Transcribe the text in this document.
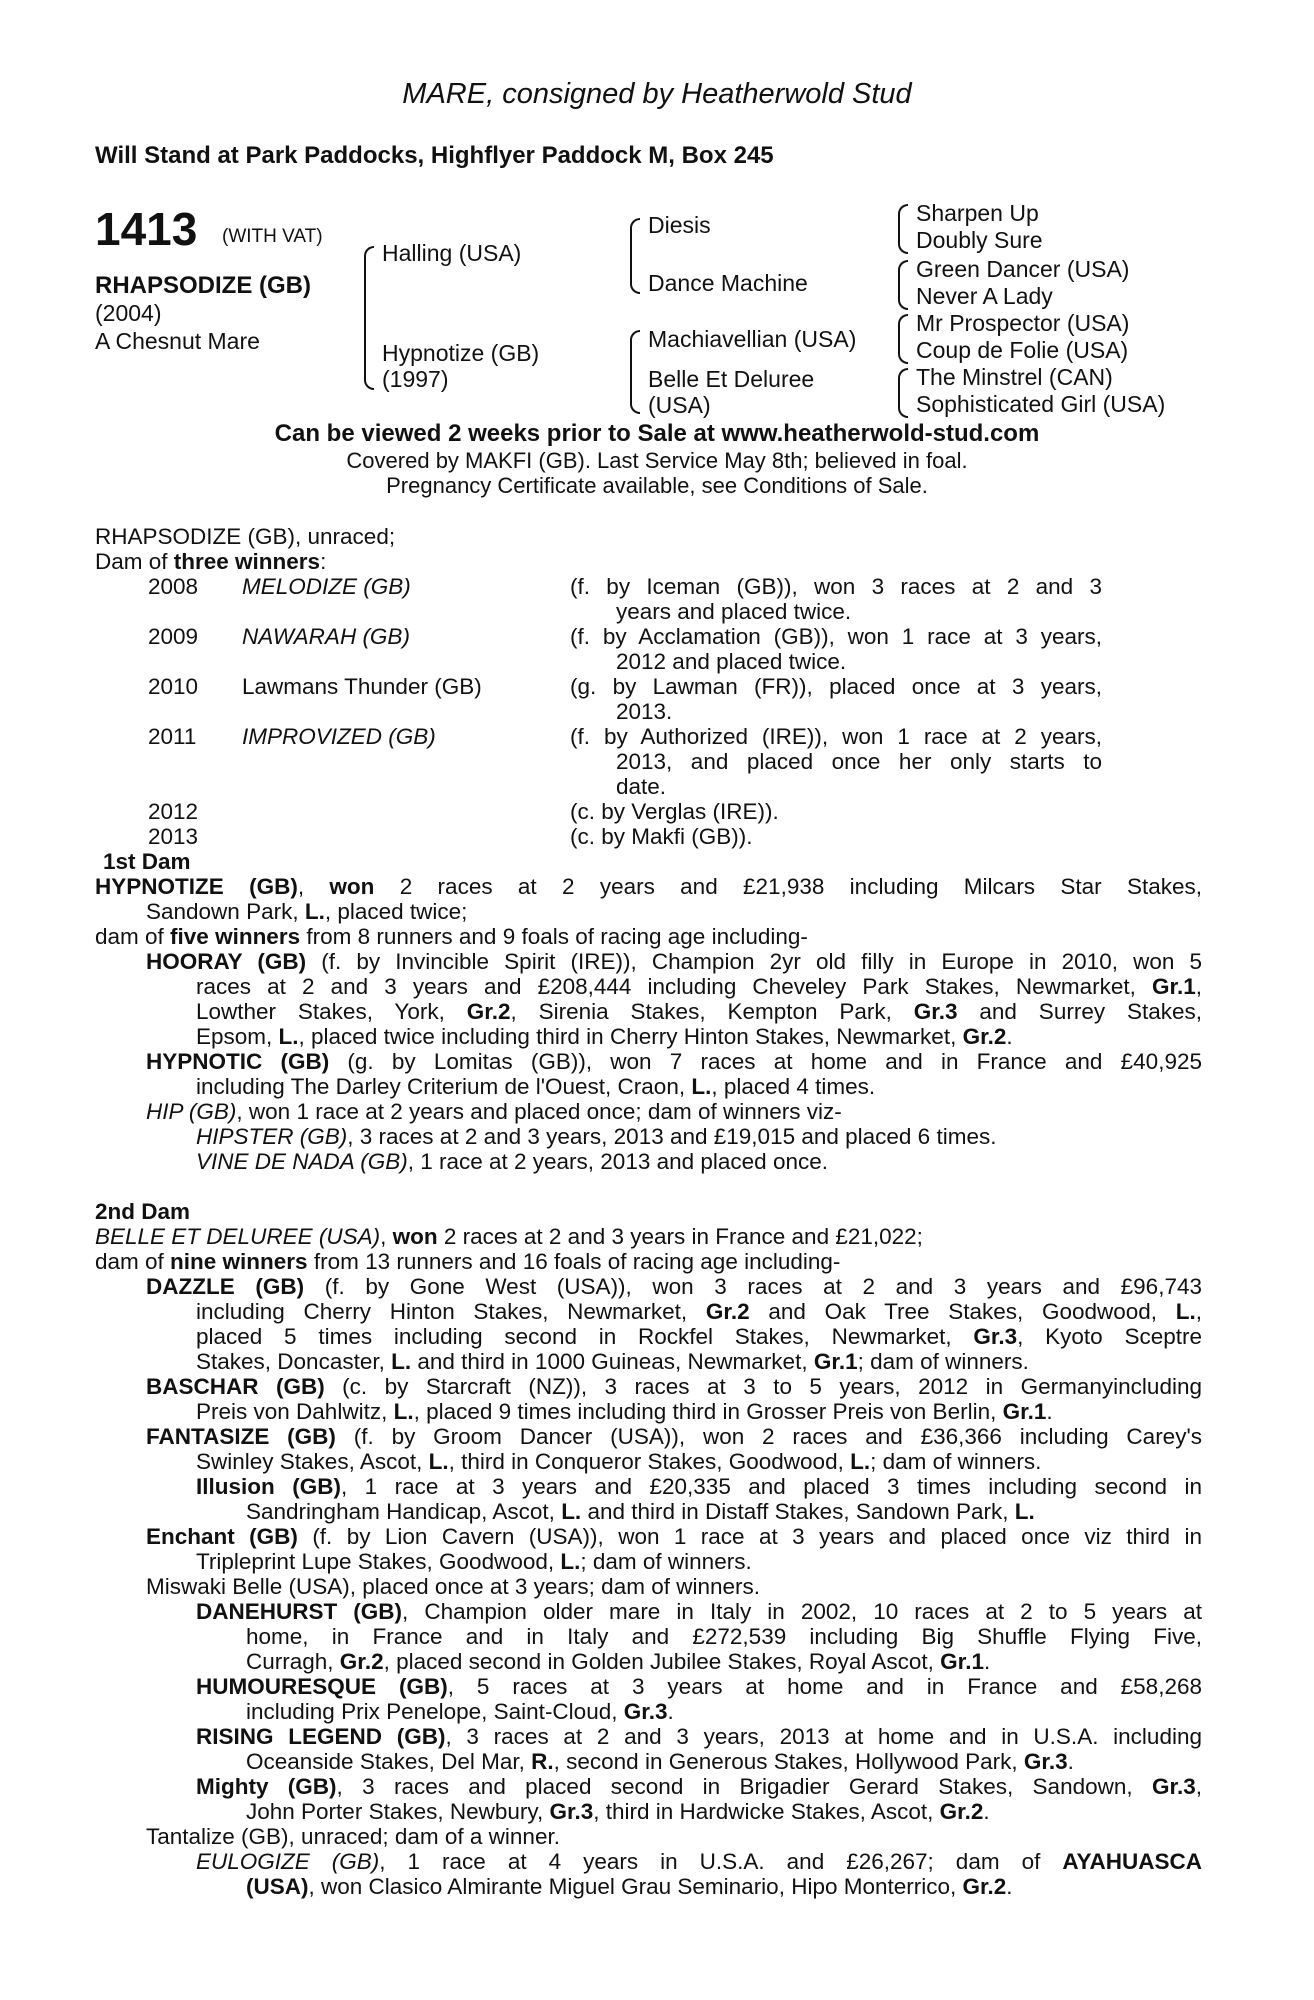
MARE, consigned by Heatherwold Stud
Will Stand at Park Paddocks, Highflyer Paddock M, Box 245
1413 (WITH VAT)
RHAPSODIZE (GB)
(2004)
A Chesnut Mare
Halling (USA)
Hypnotize (GB)
(1997)
Diesis
Dance Machine
Machiavellian (USA)
Belle Et Deluree
(USA)
Sharpen Up
Doubly Sure
Green Dancer (USA)
Never A Lady
Mr Prospector (USA)
Coup de Folie (USA)
The Minstrel (CAN)
Sophisticated Girl (USA)
Can be viewed 2 weeks prior to Sale at www.heatherwold-stud.com
Covered by MAKFI (GB). Last Service May 8th; believed in foal.
Pregnancy Certificate available, see Conditions of Sale.
RHAPSODIZE (GB), unraced;
Dam of three winners:
2008 MELODIZE (GB)	(f. by Iceman (GB)), won 3 races at 2 and 3
years and placed twice.
2009 NAWARAH (GB)	(f. by Acclamation (GB)), won 1 race at 3 years,
2012 and placed twice.
2010 Lawmans Thunder (GB)	(g. by Lawman (FR)), placed once at 3 years,
2013.
2011 IMPROVIZED (GB)	(f. by Authorized (IRE)), won 1 race at 2 years,
2013, and placed once her only starts to
date.
2012	(c. by Verglas (IRE)).
2013	(c. by Makfi (GB)).
1st Dam
HYPNOTIZE (GB), won 2 races at 2 years and £21,938 including Milcars Star Stakes,
Sandown Park, L., placed twice;
dam of five winners from 8 runners and 9 foals of racing age including-
HOORAY (GB) (f. by Invincible Spirit (IRE)), Champion 2yr old filly in Europe in 2010, won 5
races at 2 and 3 years and £208,444 including Cheveley Park Stakes, Newmarket, Gr.1,
Lowther Stakes, York, Gr.2, Sirenia Stakes, Kempton Park, Gr.3 and Surrey Stakes,
Epsom, L., placed twice including third in Cherry Hinton Stakes, Newmarket, Gr.2.
HYPNOTIC (GB) (g. by Lomitas (GB)), won 7 races at home and in France and £40,925
including The Darley Criterium de l'Ouest, Craon, L., placed 4 times.
HIP (GB), won 1 race at 2 years and placed once; dam of winners viz-
HIPSTER (GB), 3 races at 2 and 3 years, 2013 and £19,015 and placed 6 times.
VINE DE NADA (GB), 1 race at 2 years, 2013 and placed once.
2nd Dam
BELLE ET DELUREE (USA), won 2 races at 2 and 3 years in France and £21,022;
dam of nine winners from 13 runners and 16 foals of racing age including-
DAZZLE (GB) (f. by Gone West (USA)), won 3 races at 2 and 3 years and £96,743
including Cherry Hinton Stakes, Newmarket, Gr.2 and Oak Tree Stakes, Goodwood, L.,
placed 5 times including second in Rockfel Stakes, Newmarket, Gr.3, Kyoto Sceptre
Stakes, Doncaster, L. and third in 1000 Guineas, Newmarket, Gr.1; dam of winners.
BASCHAR (GB) (c. by Starcraft (NZ)), 3 races at 3 to 5 years, 2012 in Germanyincluding
Preis von Dahlwitz, L., placed 9 times including third in Grosser Preis von Berlin, Gr.1.
FANTASIZE (GB) (f. by Groom Dancer (USA)), won 2 races and £36,366 including Carey's
Swinley Stakes, Ascot, L., third in Conqueror Stakes, Goodwood, L.; dam of winners.
Illusion (GB), 1 race at 3 years and £20,335 and placed 3 times including second in
Sandringham Handicap, Ascot, L. and third in Distaff Stakes, Sandown Park, L.
Enchant (GB) (f. by Lion Cavern (USA)), won 1 race at 3 years and placed once viz third in
Tripleprint Lupe Stakes, Goodwood, L.; dam of winners.
Miswaki Belle (USA), placed once at 3 years; dam of winners.
DANEHURST (GB), Champion older mare in Italy in 2002, 10 races at 2 to 5 years at
home, in France and in Italy and £272,539 including Big Shuffle Flying Five,
Curragh, Gr.2, placed second in Golden Jubilee Stakes, Royal Ascot, Gr.1.
HUMOURESQUE (GB), 5 races at 3 years at home and in France and £58,268
including Prix Penelope, Saint-Cloud, Gr.3.
RISING LEGEND (GB), 3 races at 2 and 3 years, 2013 at home and in U.S.A. including
Oceanside Stakes, Del Mar, R., second in Generous Stakes, Hollywood Park, Gr.3.
Mighty (GB), 3 races and placed second in Brigadier Gerard Stakes, Sandown, Gr.3,
John Porter Stakes, Newbury, Gr.3, third in Hardwicke Stakes, Ascot, Gr.2.
Tantalize (GB), unraced; dam of a winner.
EULOGIZE (GB), 1 race at 4 years in U.S.A. and £26,267; dam of AYAHUASCA
(USA), won Clasico Almirante Miguel Grau Seminario, Hipo Monterrico, Gr.2.
